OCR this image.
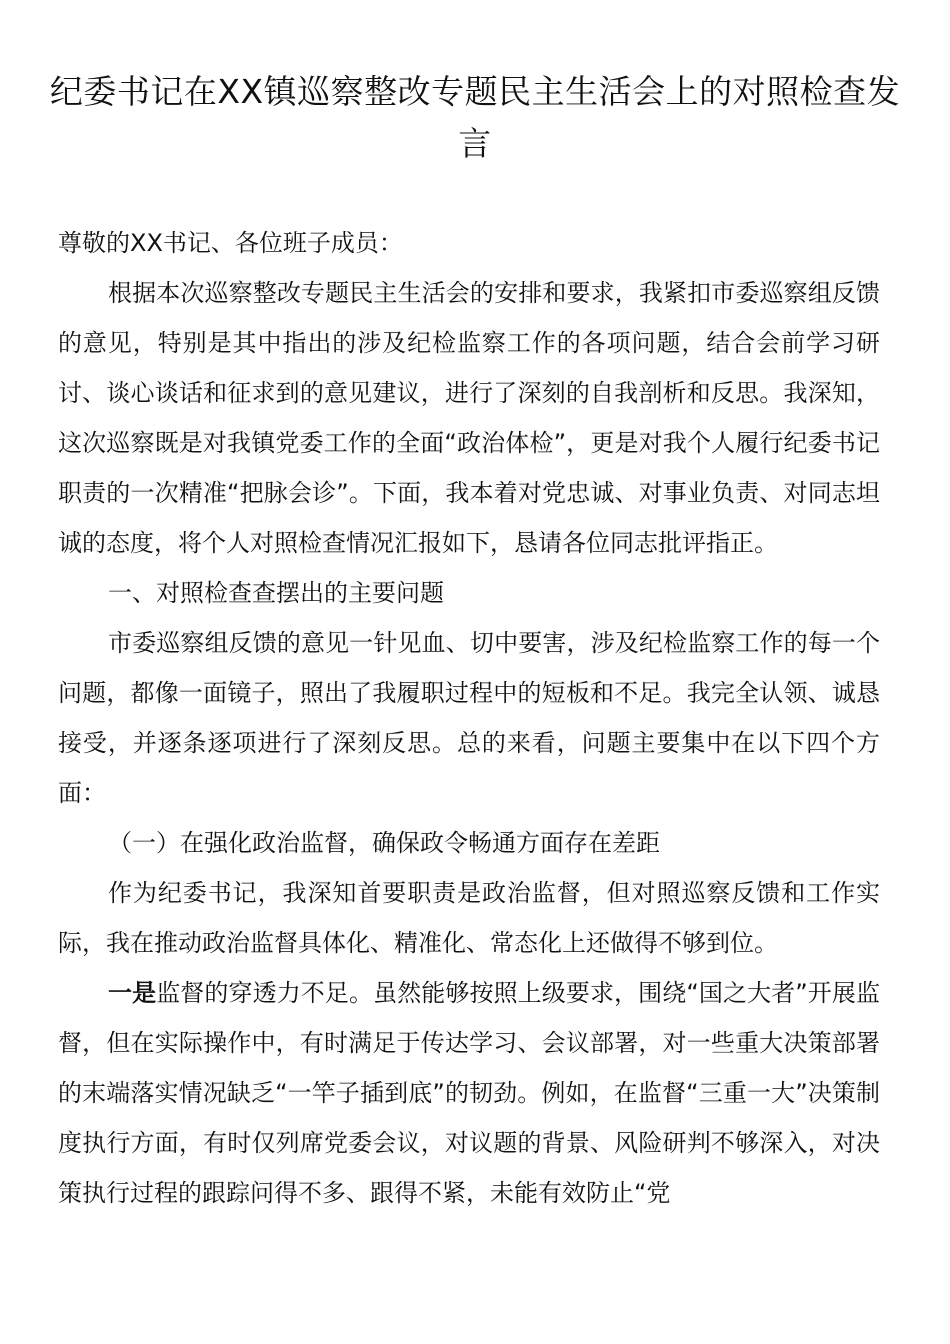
纪委书记在XX镇巡察整改专题民主生活会上的对照检查发言

尊敬的XX书记、各位班子成员：

根据本次巡察整改专题民主生活会的安排和要求，我紧扣市委巡察组反馈的意见，特别是其中指出的涉及纪检监察工作的各项问题，结合会前学习研讨、谈心谈话和征求到的意见建议，进行了深刻的自我剖析和反思。我深知，这次巡察既是对我镇党委工作的全面“政治体检”，更是对我个人履行纪委书记职责的一次精准“把脉会诊”。下面，我本着对党忠诚、对事业负责、对同志坦诚的态度，将个人对照检查情况汇报如下，恳请各位同志批评指正。

一、对照检查查摆出的主要问题

市委巡察组反馈的意见一针见血、切中要害，涉及纪检监察工作的每一个问题，都像一面镜子，照出了我履职过程中的短板和不足。我完全认领、诚恳接受，并逐条逐项进行了深刻反思。总的来看，问题主要集中在以下四个方面：

（一）在强化政治监督，确保政令畅通方面存在差距

作为纪委书记，我深知首要职责是政治监督，但对照巡察反馈和工作实际，我在推动政治监督具体化、精准化、常态化上还做得不够到位。

一是监督的穿透力不足。虽然能够按照上级要求，围绕“国之大者”开展监督，但在实际操作中，有时满足于传达学习、会议部署，对一些重大决策部署的末端落实情况缺乏“一竿子插到底”的韧劲。例如，在监督“三重一大”决策制度执行方面，有时仅列席党委会议，对议题的背景、风险研判不够深入，对决策执行过程的跟踪问得不多、跟得不紧，未能有效防止“党
